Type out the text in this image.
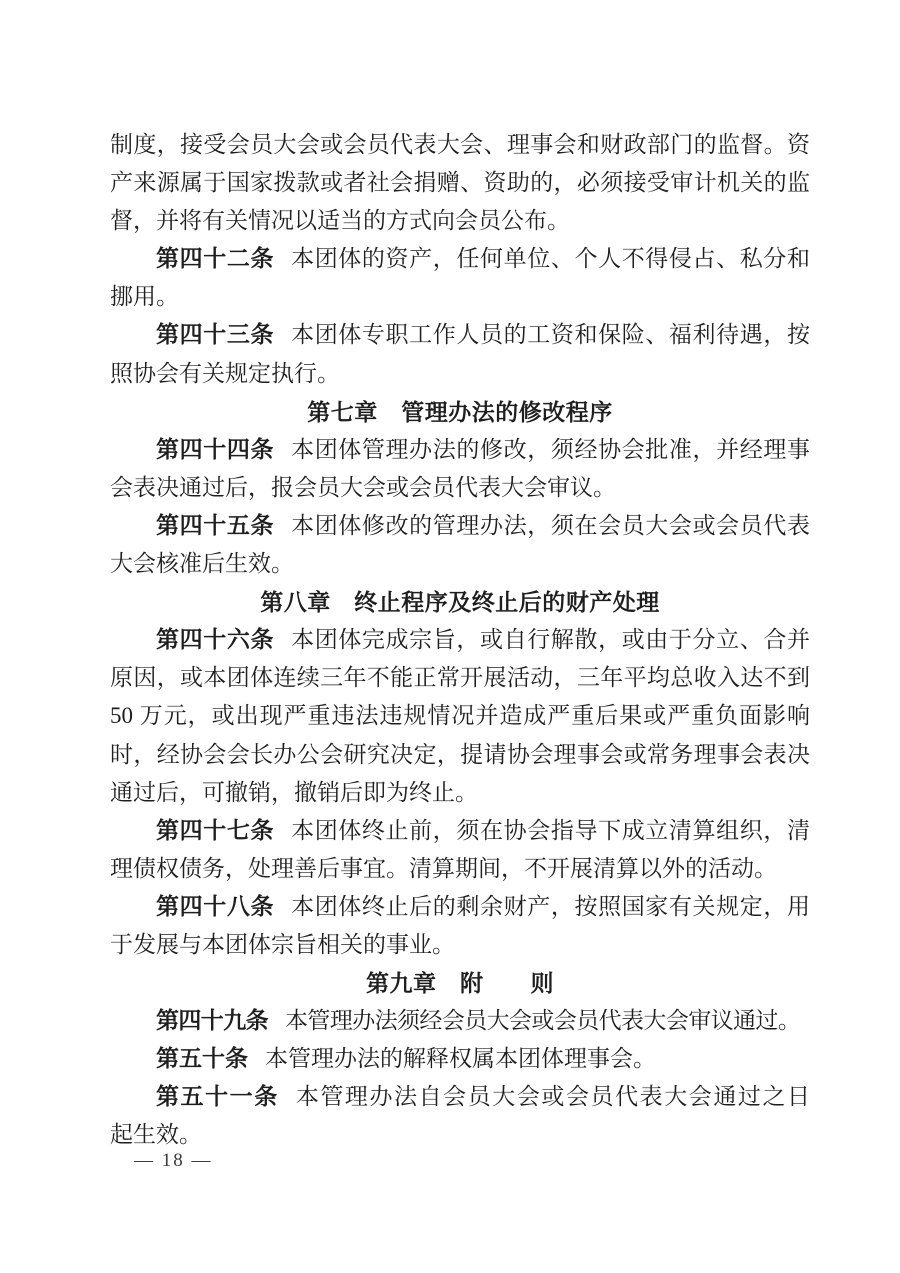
制度，接受会员大会或会员代表大会、理事会和财政部门的监督。资
产来源属于国家拨款或者社会捐赠、资助的，必须接受审计机关的监
督，并将有关情况以适当的方式向会员公布。
第四十二条 本团体的资产，任何单位、个人不得侵占、私分和
挪用。
第四十三条 本团体专职工作人员的工资和保险、福利待遇，按
照协会有关规定执行。
第七章　管理办法的修改程序
第四十四条 本团体管理办法的修改，须经协会批准，并经理事
会表决通过后，报会员大会或会员代表大会审议。
第四十五条 本团体修改的管理办法，须在会员大会或会员代表
大会核准后生效。
第八章　终止程序及终止后的财产处理
第四十六条 本团体完成宗旨，或自行解散，或由于分立、合并
原因，或本团体连续三年不能正常开展活动，三年平均总收入达不到
50 万元，或出现严重违法违规情况并造成严重后果或严重负面影响
时，经协会会长办公会研究决定，提请协会理事会或常务理事会表决
通过后，可撤销，撤销后即为终止。
第四十七条 本团体终止前，须在协会指导下成立清算组织，清
理债权债务，处理善后事宜。清算期间，不开展清算以外的活动。
第四十八条 本团体终止后的剩余财产，按照国家有关规定，用
于发展与本团体宗旨相关的事业。
第九章　附　　则
第四十九条 本管理办法须经会员大会或会员代表大会审议通过。
第五十条 本管理办法的解释权属本团体理事会。
第五十一条 本管理办法自会员大会或会员代表大会通过之日
起生效。
— 18 —
